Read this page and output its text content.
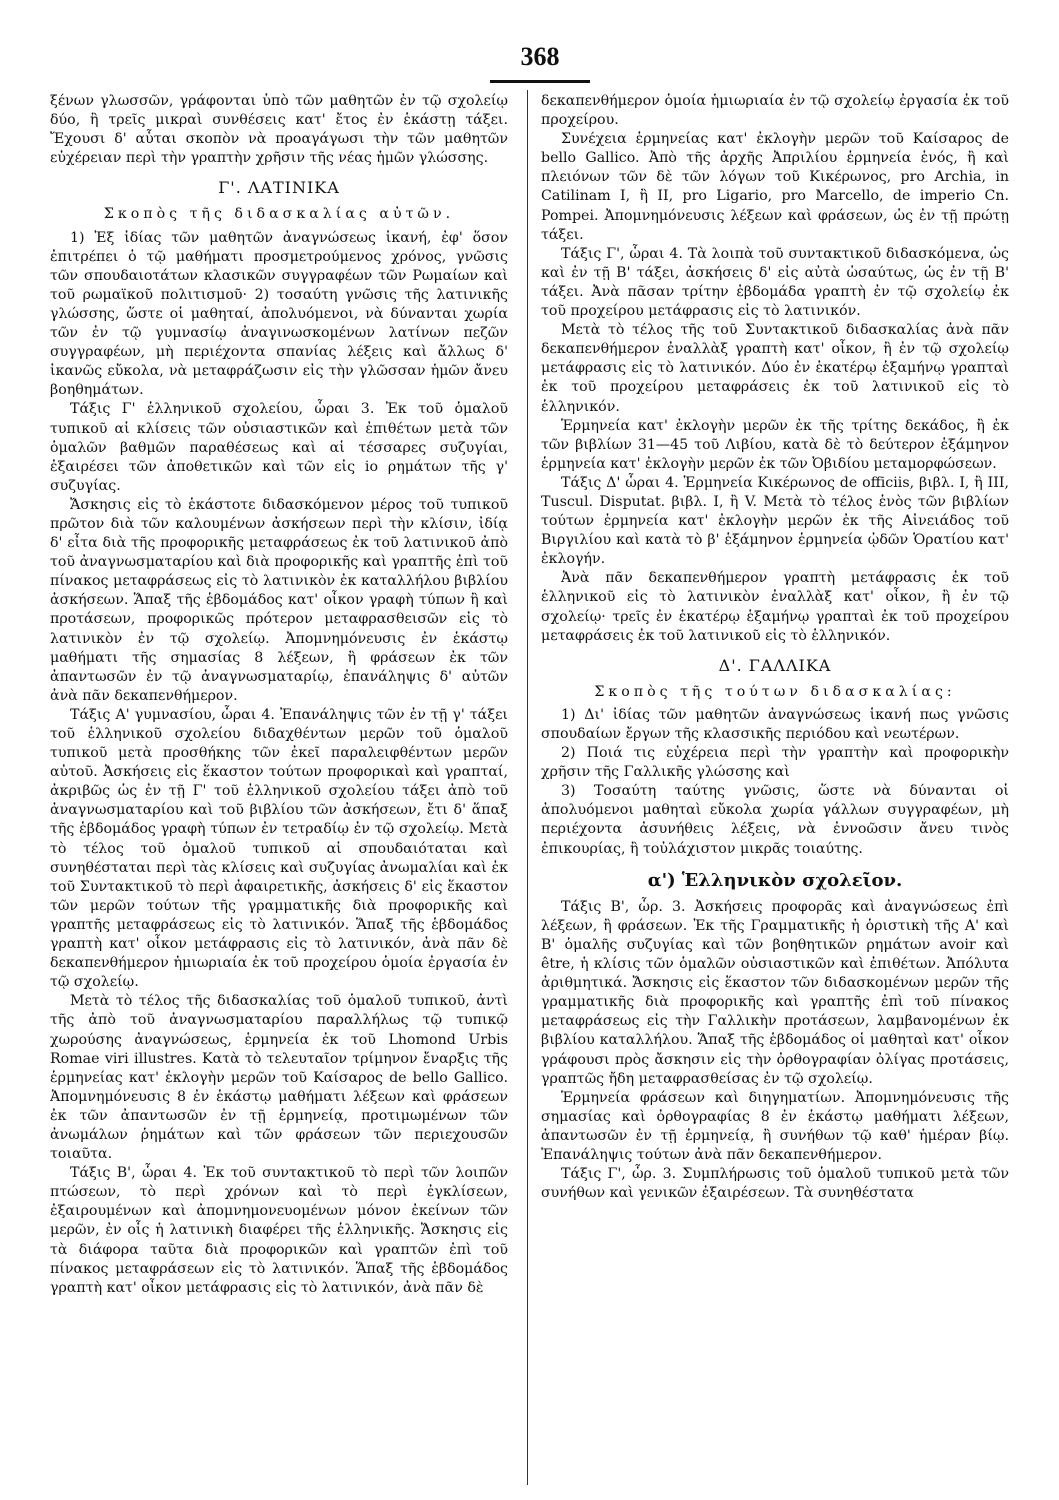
368

ξένων γλωσσῶν, γράφονται ὑπὸ τῶν μαθητῶν ἐν τῷ σχολείῳ δύο, ἢ τρεῖς μικραὶ συνθέσεις κατ' ἔτος ἐν ἑκάστῃ τάξει. Ἔχουσι δ' αὗται σκοπὸν νὰ προαγάγωσι τὴν τῶν μαθητῶν εὐχέρειαν περὶ τὴν γραπτὴν χρῆσιν τῆς νέας ἡμῶν γλώσσης.

Γ'. ΛΑΤΙΝΙΚΑ
Σκοπὸς τῆς διδασκαλίας αὐτῶν.

1) Ἐξ ἰδίας τῶν μαθητῶν ἀναγνώσεως ἱκανή, ἐφ' ὅσον ἐπιτρέπει ὁ τῷ μαθήματι προσμετρούμενος χρόνος, γνῶσις τῶν σπουδαιοτάτων κλασικῶν συγγραφέων τῶν Ρωμαίων καὶ τοῦ ρωμαϊκοῦ πολιτισμοῦ· 2) τοσαύτη γνῶσις τῆς λατινικῆς γλώσσης, ὥστε οἱ μαθηταί, ἀπολυόμενοι, νὰ δύνανται χωρία τῶν ἐν τῷ γυμνασίῳ ἀναγινωσκομένων λατίνων πεζῶν συγγραφέων, μὴ περιέχοντα σπανίας λέξεις καὶ ἄλλως δ' ἱκανῶς εὔκολα, νὰ μεταφράζωσιν εἰς τὴν γλῶσσαν ἡμῶν ἄνευ βοηθημάτων.

Τάξις Γ' ἑλληνικοῦ σχολείου, ὧραι 3. Ἐκ τοῦ ὁμαλοῦ τυπικοῦ αἱ κλίσεις τῶν οὐσιαστικῶν καὶ ἐπιθέτων μετὰ τῶν ὁμαλῶν βαθμῶν παραθέσεως καὶ αἱ τέσσαρες συζυγίαι, ἐξαιρέσει τῶν ἀποθετικῶν καὶ τῶν εἰς io ρημάτων τῆς γ' συζυγίας.

Ἄσκησις εἰς τὸ ἑκάστοτε διδασκόμενον μέρος τοῦ τυπικοῦ πρῶτον διὰ τῶν καλουμένων ἀσκήσεων περὶ τὴν κλίσιν, ἰδίᾳ δ' εἶτα διὰ τῆς προφορικῆς μεταφράσεως ἐκ τοῦ λατινικοῦ ἀπὸ τοῦ ἀναγνωσματαρίου καὶ διὰ προφορικῆς καὶ γραπτῆς ἐπὶ τοῦ πίνακος μεταφράσεως εἰς τὸ λατινικὸν ἐκ καταλλήλου βιβλίου ἀσκήσεων. Ἅπαξ τῆς ἑβδομάδος κατ' οἶκον γραφὴ τύπων ἢ καὶ προτάσεων, προφορικῶς πρότερον μεταφρασθεισῶν εἰς τὸ λατινικὸν ἐν τῷ σχολείῳ. Ἀπομνημόνευσις ἐν ἑκάστῳ μαθήματι τῆς σημασίας 8 λέξεων, ἢ φράσεων ἐκ τῶν ἀπαντωσῶν ἐν τῷ ἀναγνωσματαρίῳ, ἐπανάληψις δ' αὐτῶν ἀνὰ πᾶν δεκαπενθήμερον.

Τάξις Α' γυμνασίου, ὧραι 4. Ἐπανάληψις τῶν ἐν τῇ γ' τάξει τοῦ ἑλληνικοῦ σχολείου διδαχθέντων μερῶν τοῦ ὁμαλοῦ τυπικοῦ μετὰ προσθήκης τῶν ἐκεῖ παραλειφθέντων μερῶν αὐτοῦ. Ἀσκήσεις εἰς ἕκαστον τούτων προφορικαὶ καὶ γραπταί, ἀκριβῶς ὡς ἐν τῇ Γ' τοῦ ἑλληνικοῦ σχολείου τάξει ἀπὸ τοῦ ἀναγνωσματαρίου καὶ τοῦ βιβλίου τῶν ἀσκήσεων, ἔτι δ' ἅπαξ τῆς ἑβδομάδος γραφὴ τύπων ἐν τετραδίῳ ἐν τῷ σχολείῳ. Μετὰ τὸ τέλος τοῦ ὁμαλοῦ τυπικοῦ αἱ σπουδαιόταται καὶ συνηθέσταται περὶ τὰς κλίσεις καὶ συζυγίας ἀνωμαλίαι καὶ ἐκ τοῦ Συντακτικοῦ τὸ περὶ ἀφαιρετικῆς, ἀσκήσεις δ' εἰς ἕκαστον τῶν μερῶν τούτων τῆς γραμματικῆς διὰ προφορικῆς καὶ γραπτῆς μεταφράσεως εἰς τὸ λατινικόν. Ἅπαξ τῆς ἑβδομάδος γραπτὴ κατ' οἶκον μετάφρασις εἰς τὸ λατινικόν, ἀνὰ πᾶν δὲ δεκαπενθήμερον ἡμιωριαία ἐκ τοῦ προχείρου ὁμοία ἐργασία ἐν τῷ σχολείῳ.

Μετὰ τὸ τέλος τῆς διδασκαλίας τοῦ ὁμαλοῦ τυπικοῦ, ἀντὶ τῆς ἀπὸ τοῦ ἀναγνωσματαρίου παραλλήλως τῷ τυπικῷ χωρούσης ἀναγνώσεως, ἑρμηνεία ἐκ τοῦ Lhomond Urbis Romae viri illustres. Κατὰ τὸ τελευταῖον τρίμηνον ἔναρξις τῆς ἑρμηνείας κατ' ἐκλογὴν μερῶν τοῦ Καίσαρος de bello Gallico. Ἀπομνημόνευσις 8 ἐν ἑκάστῳ μαθήματι λέξεων καὶ φράσεων ἐκ τῶν ἀπαντωσῶν ἐν τῇ ἑρμηνείᾳ, προτιμωμένων τῶν ἀνωμάλων ῥημάτων καὶ τῶν φράσεων τῶν περιεχουσῶν τοιαῦτα.

Τάξις Β', ὧραι 4. Ἐκ τοῦ συντακτικοῦ τὸ περὶ τῶν λοιπῶν πτώσεων, τὸ περὶ χρόνων καὶ τὸ περὶ ἐγκλίσεων, ἐξαιρουμένων καὶ ἀπομνημονευομένων μόνον ἐκείνων τῶν μερῶν, ἐν οἷς ἡ λατινικὴ διαφέρει τῆς ἑλληνικῆς. Ἄσκησις εἰς τὰ διάφορα ταῦτα διὰ προφορικῶν καὶ γραπτῶν ἐπὶ τοῦ πίνακος μεταφράσεων εἰς τὸ λατινικόν. Ἅπαξ τῆς ἑβδομάδος γραπτὴ κατ' οἶκον μετάφρασις εἰς τὸ λατινικόν, ἀνὰ πᾶν δὲ

δεκαπενθήμερον ὁμοία ἡμιωριαία ἐν τῷ σχολείῳ ἐργασία ἐκ τοῦ προχείρου.

Συνέχεια ἑρμηνείας κατ' ἐκλογὴν μερῶν τοῦ Καίσαρος de bello Gallico. Ἀπὸ τῆς ἀρχῆς Ἀπριλίου ἑρμηνεία ἑνός, ἢ καὶ πλειόνων τῶν δὲ τῶν λόγων τοῦ Κικέρωνος, pro Archia, in Catilinam I, ἢ II, pro Ligario, pro Marcello, de imperio Cn. Pompei. Ἀπομνημόνευσις λέξεων καὶ φράσεων, ὡς ἐν τῇ πρώτῃ τάξει.

Τάξις Γ', ὧραι 4. Τὰ λοιπὰ τοῦ συντακτικοῦ διδασκόμενα, ὡς καὶ ἐν τῇ Β' τάξει, ἀσκήσεις δ' εἰς αὐτὰ ὡσαύτως, ὡς ἐν τῇ Β' τάξει. Ἀνὰ πᾶσαν τρίτην ἑβδομάδα γραπτὴ ἐν τῷ σχολείῳ ἐκ τοῦ προχείρου μετάφρασις εἰς τὸ λατινικόν.

Μετὰ τὸ τέλος τῆς τοῦ Συντακτικοῦ διδασκαλίας ἀνὰ πᾶν δεκαπενθήμερον ἐναλλὰξ γραπτὴ κατ' οἶκον, ἢ ἐν τῷ σχολείῳ μετάφρασις εἰς τὸ λατινικόν. Δύο ἐν ἑκατέρῳ ἑξαμήνῳ γραπταὶ ἐκ τοῦ προχείρου μεταφράσεις ἐκ τοῦ λατινικοῦ εἰς τὸ ἑλληνικόν.

Ἑρμηνεία κατ' ἐκλογὴν μερῶν ἐκ τῆς τρίτης δεκάδος, ἢ ἐκ τῶν βιβλίων 31—45 τοῦ Λιβίου, κατὰ δὲ τὸ δεύτερον ἑξάμηνον ἑρμηνεία κατ' ἐκλογὴν μερῶν ἐκ τῶν Ὀβιδίου μεταμορφώσεων.

Τάξις Δ' ὧραι 4. Ἑρμηνεία Κικέρωνος de officiis, βιβλ. I, ἢ III, Tuscul. Disputat. βιβλ. I, ἢ V. Μετὰ τὸ τέλος ἑνὸς τῶν βιβλίων τούτων ἑρμηνεία κατ' ἐκλογὴν μερῶν ἐκ τῆς Αἰνειάδος τοῦ Βιργιλίου καὶ κατὰ τὸ β' ἑξάμηνον ἑρμηνεία ᾠδῶν Ὁρατίου κατ' ἐκλογήν.

Ἀνὰ πᾶν δεκαπενθήμερον γραπτὴ μετάφρασις ἐκ τοῦ ἑλληνικοῦ εἰς τὸ λατινικὸν ἐναλλὰξ κατ' οἶκον, ἢ ἐν τῷ σχολείῳ· τρεῖς ἐν ἑκατέρῳ ἑξαμήνῳ γραπταὶ ἐκ τοῦ προχείρου μεταφράσεις ἐκ τοῦ λατινικοῦ εἰς τὸ ἑλληνικόν.

Δ'. ΓΑΛΛΙΚΑ
Σκοπὸς τῆς τούτων διδασκαλίας:

1) Δι' ἰδίας τῶν μαθητῶν ἀναγνώσεως ἱκανή πως γνῶσις σπουδαίων ἔργων τῆς κλασσικῆς περιόδου καὶ νεωτέρων.

2) Ποιά τις εὐχέρεια περὶ τὴν γραπτὴν καὶ προφορικὴν χρῆσιν τῆς Γαλλικῆς γλώσσης καὶ

3) Τοσαύτη ταύτης γνῶσις, ὥστε νὰ δύνανται οἱ ἀπολυόμενοι μαθηταὶ εὔκολα χωρία γάλλων συγγραφέων, μὴ περιέχοντα ἀσυνήθεις λέξεις, νὰ ἐννοῶσιν ἄνευ τινὸς ἐπικουρίας, ἢ τοὐλάχιστον μικρᾶς τοιαύτης.

α') Ἑλληνικὸν σχολεῖον.

Τάξις Β', ὧρ. 3. Ἀσκήσεις προφορᾶς καὶ ἀναγνώσεως ἐπὶ λέξεων, ἢ φράσεων. Ἐκ τῆς Γραμματικῆς ἡ ὁριστικὴ τῆς Α' καὶ Β' ὁμαλῆς συζυγίας καὶ τῶν βοηθητικῶν ρημάτων avoir καὶ être, ἡ κλίσις τῶν ὁμαλῶν οὐσιαστικῶν καὶ ἐπιθέτων. Ἀπόλυτα ἀριθμητικά. Ἄσκησις εἰς ἕκαστον τῶν διδασκομένων μερῶν τῆς γραμματικῆς διὰ προφορικῆς καὶ γραπτῆς ἐπὶ τοῦ πίνακος μεταφράσεως εἰς τὴν Γαλλικὴν προτάσεων, λαμβανομένων ἐκ βιβλίου καταλλήλου. Ἅπαξ τῆς ἑβδομάδος οἱ μαθηταὶ κατ' οἶκον γράφουσι πρὸς ἄσκησιν εἰς τὴν ὀρθογραφίαν ὀλίγας προτάσεις, γραπτῶς ἤδη μεταφρασθείσας ἐν τῷ σχολείῳ.

Ἑρμηνεία φράσεων καὶ διηγηματίων. Ἀπομνημόνευσις τῆς σημασίας καὶ ὀρθογραφίας 8 ἐν ἑκάστῳ μαθήματι λέξεων, ἀπαντωσῶν ἐν τῇ ἑρμηνείᾳ, ἢ συνήθων τῷ καθ' ἡμέραν βίῳ. Ἐπανάληψις τούτων ἀνὰ πᾶν δεκαπενθήμερον.

Τάξις Γ', ὧρ. 3. Συμπλήρωσις τοῦ ὁμαλοῦ τυπικοῦ μετὰ τῶν συνήθων καὶ γενικῶν ἐξαιρέσεων. Τὰ συνηθέστατα
